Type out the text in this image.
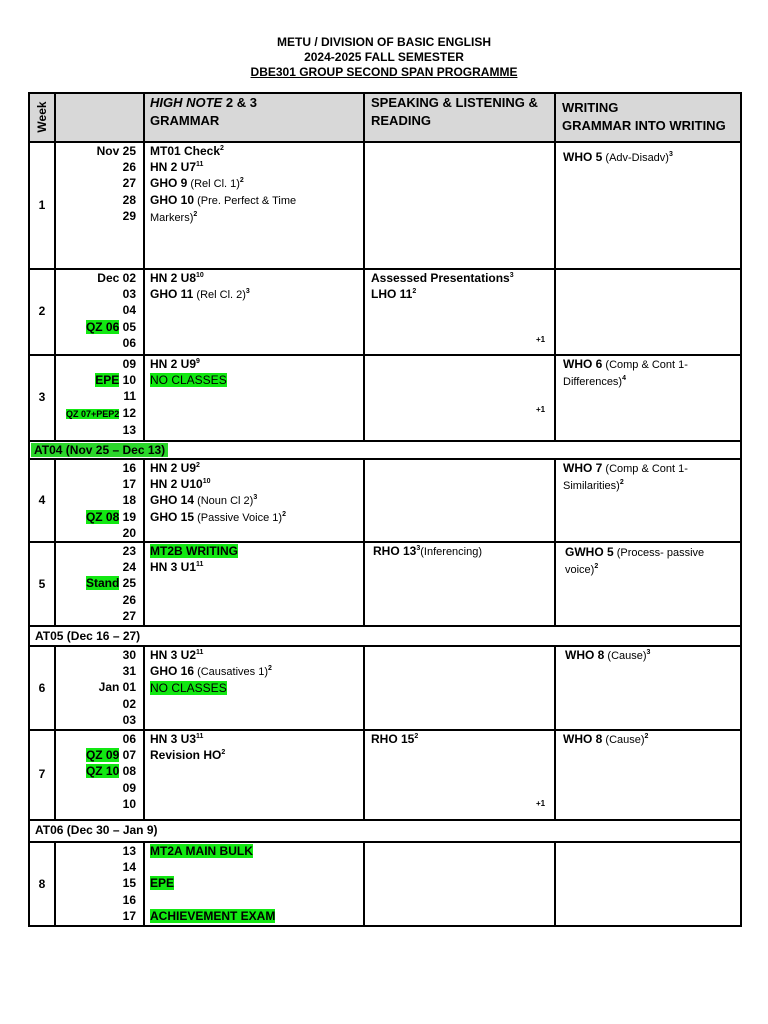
METU / DIVISION OF BASIC ENGLISH
2024-2025 FALL SEMESTER
DBE301 GROUP SECOND SPAN PROGRAMME
Week	HIGH NOTE 2 & 3
GRAMMAR
SPEAKING & LISTENING &
READING
WRITING
GRAMMAR INTO WRITING
1
2
3
4
5
6
7
8
AT04 (Nov 25 – Dec 13)
AT05 (Dec 16 – 27)
AT06 (Dec 30 – Jan 9)
Nov 25
26
27
28
29
Dec 02
03
04
QZ 06 05
06
09
EPE 10
11
QZ 07+PEP2 12
13
16
17
18
QZ 08 19
20
23
24
Stand 25
26
27
30
31
Jan 01
02
03
06
QZ 09 07
QZ 10 08
09
10
13
14
15
16
17
MT01 Check$^2$
HN 2 $U7^{11}$
GHO 9 (Rel Cl. 1)$^2$
GHO 10 (Pre. Perfect & Time
Markers)$^2$
HN 2 $U8^{10}$
GHO 11 (Rel Cl. 2)$^3$
HN 2 $U9^9$
NO CLASSES
HN 2 $U9^2$
HN 2 $U10^{10}$
GHO 14 (Noun Cl 2)$^3$
GHO 15 (Passive Voice 1)$^2$
MT2B WRITING
HN 3 $U1^{11}$
HN 3 $U2^{11}$
GHO 16 (Causatives 1)$^2$
NO CLASSES
HN 3 $U3^{11}$
Revision $HO^2$
MT2A MAIN BULK

EPE

ACHIEVEMENT EXAM
Assessed Presentations$^3$
LHO $11^2$
RHO $13^3(Inferencing)$
RHO $15^2$
+1
+1
+1
WHO 5 (Adv-Disadv)$^3$
WHO 6 (Comp & Cont 1-
Differences)$^4$
WHO 7 (Comp & Cont 1-
Similarities)$^2$
GWHO 5 (Process- passive
voice)$^2$
WHO 8 (Cause)$^3$
WHO 8 (Cause)$^2$
